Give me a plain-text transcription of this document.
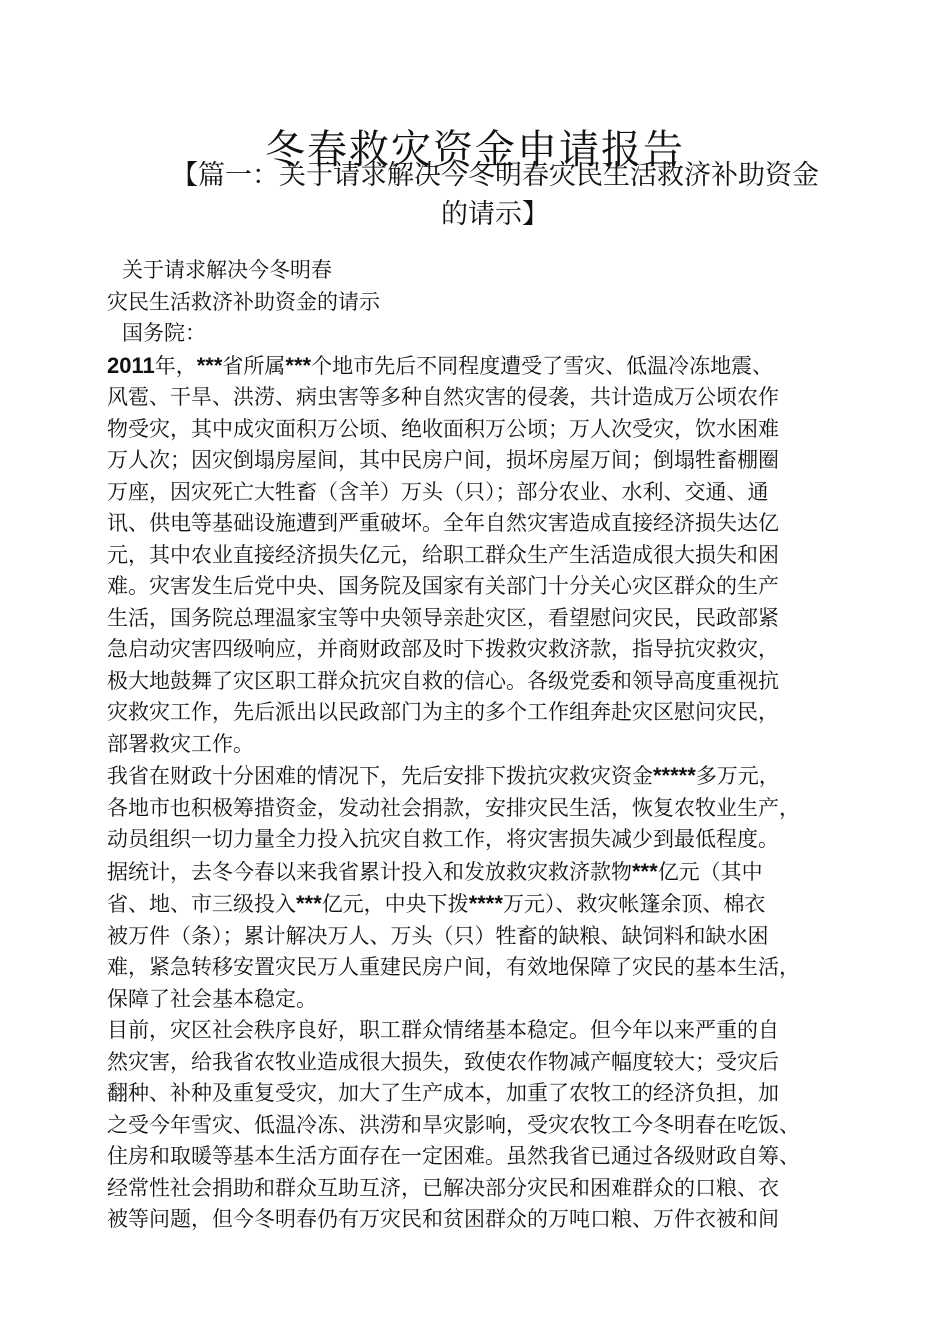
冬春救灾资金申请报告
【篇一：关于请求解决今冬明春灾民生活救济补助资金
的请示】
关于请求解决今冬明春
灾民生活救济补助资金的请示
国务院：
2011年，***省所属***个地市先后不同程度遭受了雪灾、低温冷冻地震、
风雹、干旱、洪涝、病虫害等多种自然灾害的侵袭，共计造成万公顷农作
物受灾，其中成灾面积万公顷、绝收面积万公顷；万人次受灾，饮水困难
万人次；因灾倒塌房屋间，其中民房户间，损坏房屋万间；倒塌牲畜棚圈
万座，因灾死亡大牲畜（含羊）万头（只）；部分农业、水利、交通、通
讯、供电等基础设施遭到严重破坏。全年自然灾害造成直接经济损失达亿
元，其中农业直接经济损失亿元，给职工群众生产生活造成很大损失和困
难。灾害发生后党中央、国务院及国家有关部门十分关心灾区群众的生产
生活，国务院总理温家宝等中央领导亲赴灾区，看望慰问灾民，民政部紧
急启动灾害四级响应，并商财政部及时下拨救灾救济款，指导抗灾救灾，
极大地鼓舞了灾区职工群众抗灾自救的信心。各级党委和领导高度重视抗
灾救灾工作，先后派出以民政部门为主的多个工作组奔赴灾区慰问灾民，
部署救灾工作。
我省在财政十分困难的情况下，先后安排下拨抗灾救灾资金*****多万元，
各地市也积极筹措资金，发动社会捐款，安排灾民生活，恢复农牧业生产，
动员组织一切力量全力投入抗灾自救工作，将灾害损失减少到最低程度。
据统计，去冬今春以来我省累计投入和发放救灾救济款物***亿元（其中
省、地、市三级投入***亿元，中央下拨****万元）、救灾帐篷余顶、棉衣
被万件（条）；累计解决万人、万头（只）牲畜的缺粮、缺饲料和缺水困
难，紧急转移安置灾民万人重建民房户间，有效地保障了灾民的基本生活，
保障了社会基本稳定。
目前，灾区社会秩序良好，职工群众情绪基本稳定。但今年以来严重的自
然灾害，给我省农牧业造成很大损失，致使农作物减产幅度较大；受灾后
翻种、补种及重复受灾，加大了生产成本，加重了农牧工的经济负担，加
之受今年雪灾、低温冷冻、洪涝和旱灾影响，受灾农牧工今冬明春在吃饭、
住房和取暖等基本生活方面存在一定困难。虽然我省已通过各级财政自筹、
经常性社会捐助和群众互助互济，已解决部分灾民和困难群众的口粮、衣
被等问题，但今冬明春仍有万灾民和贫困群众的万吨口粮、万件衣被和间
